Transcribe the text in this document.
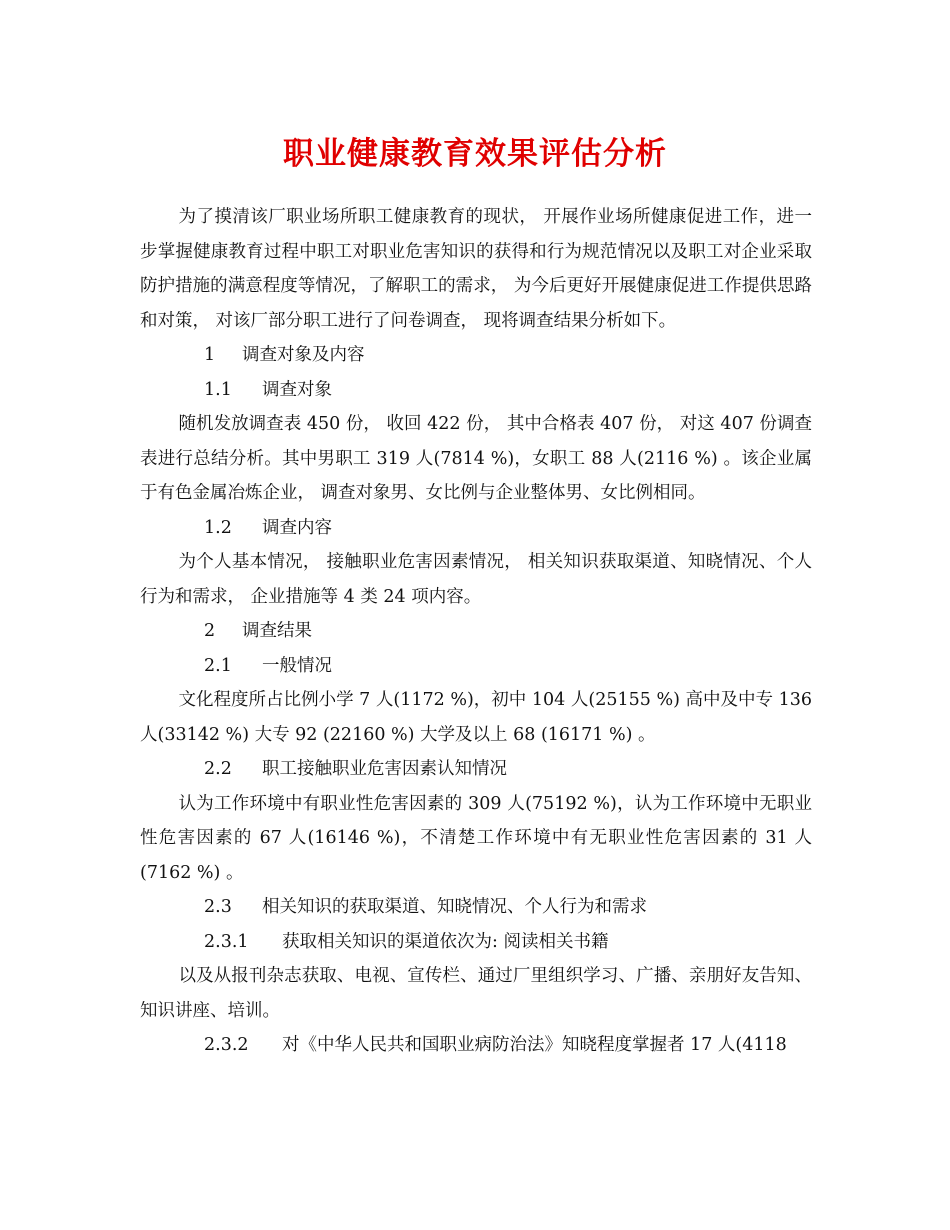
职业健康教育效果评估分析

为了摸清该厂职业场所职工健康教育的现状， 开展作业场所健康促进工作，进一步掌握健康教育过程中职工对职业危害知识的获得和行为规范情况以及职工对企业采取防护措施的满意程度等情况，了解职工的需求， 为今后更好开展健康促进工作提供思路和对策， 对该厂部分职工进行了问卷调查， 现将调查结果分析如下。

1 调查对象及内容

1.1 调查对象

随机发放调查表 450 份， 收回 422 份， 其中合格表 407 份， 对这 407 份调查表进行总结分析。其中男职工 319 人(7814 %)，女职工 88 人(2116 %) 。该企业属于有色金属冶炼企业， 调查对象男、女比例与企业整体男、女比例相同。

1.2 调查内容

为个人基本情况， 接触职业危害因素情况， 相关知识获取渠道、知晓情况、个人行为和需求， 企业措施等 4 类 24 项内容。

2 调查结果

2.1 一般情况

文化程度所占比例小学 7 人(1172 %)，初中 104 人(25155 %) 高中及中专 136 人(33142 %) 大专 92 (22160 %) 大学及以上 68 (16171 %) 。

2.2 职工接触职业危害因素认知情况

认为工作环境中有职业性危害因素的 309 人(75192 %)，认为工作环境中无职业性危害因素的 67 人(16146 %)，不清楚工作环境中有无职业性危害因素的 31 人(7162 %) 。

2.3 相关知识的获取渠道、知晓情况、个人行为和需求

2.3.1 获取相关知识的渠道依次为: 阅读相关书籍

以及从报刊杂志获取、电视、宣传栏、通过厂里组织学习、广播、亲朋好友告知、知识讲座、培训。

2.3.2 对《中华人民共和国职业病防治法》知晓程度掌握者 17 人(4118
